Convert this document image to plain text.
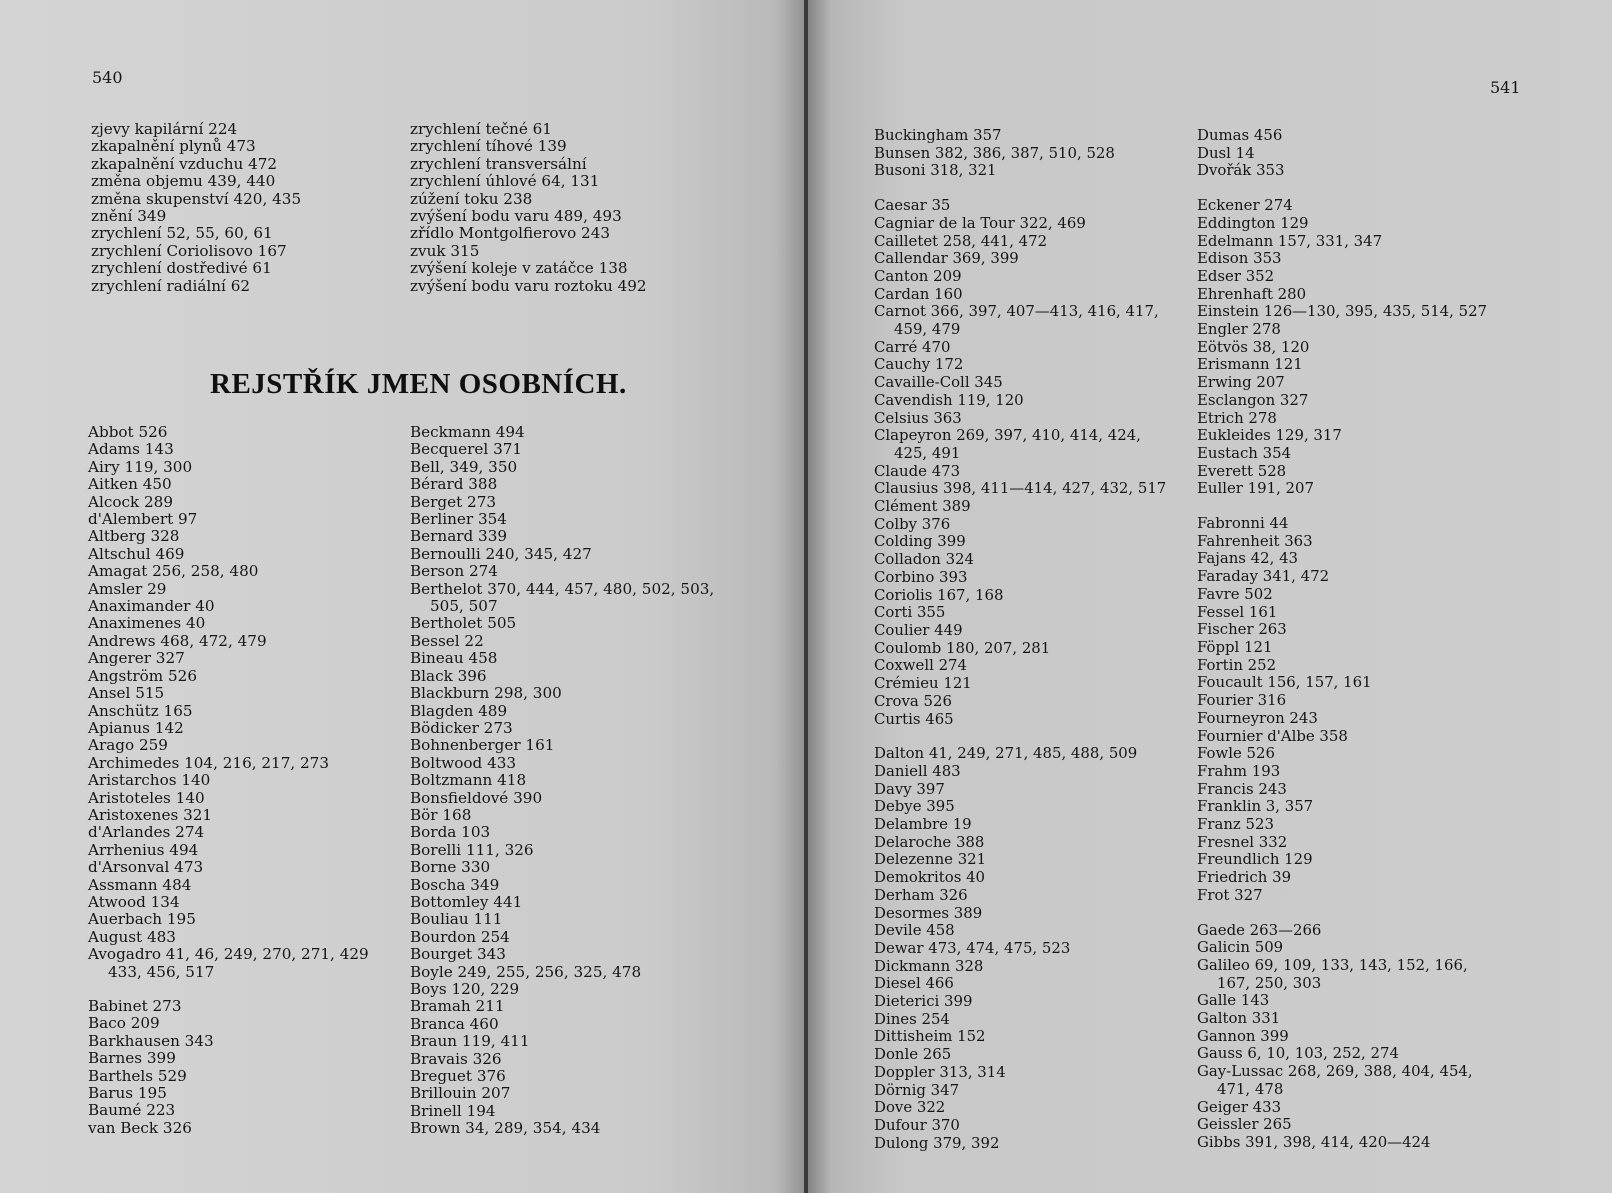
540
zjevy kapilární 224
zkapalnění plynů 473
zkapalnění vzduchu 472
změna objemu 439, 440
změna skupenství 420, 435
znění 349
zrychlení 52, 55, 60, 61
zrychlení Coriolisovo 167
zrychlení dostředivé 61
zrychlení radiální 62
zrychlení tečné 61
zrychlení tíhové 139
zrychlení transversální
zrychlení úhlové 64, 131
zúžení toku 238
zvýšení bodu varu 489, 493
zřídlo Montgolfierovo 243
zvuk 315
zvýšení koleje v zatáčce 138
zvýšení bodu varu roztoku 492
REJSTŘÍK JMEN OSOBNÍCH.
Abbot 526
Adams 143
Airy 119, 300
Aitken 450
Alcock 289
d'Alembert 97
Altberg 328
Altschul 469
Amagat 256, 258, 480
Amsler 29
Anaximander 40
Anaximenes 40
Andrews 468, 472, 479
Angerer 327
Angström 526
Ansel 515
Anschütz 165
Apianus 142
Arago 259
Archimedes 104, 216, 217, 273
Aristarchos 140
Aristoteles 140
Aristoxenes 321
d'Arlandes 274
Arrhenius 494
d'Arsonval 473
Assmann 484
Atwood 134
Auerbach 195
August 483
Avogadro 41, 46, 249, 270, 271, 429
433, 456, 517
Babinet 273
Baco 209
Barkhausen 343
Barnes 399
Barthels 529
Barus 195
Baumé 223
van Beck 326
Beckmann 494
Becquerel 371
Bell, 349, 350
Bérard 388
Berget 273
Berliner 354
Bernard 339
Bernoulli 240, 345, 427
Berson 274
Berthelot 370, 444, 457, 480, 502, 503,
505, 507
Bertholet 505
Bessel 22
Bineau 458
Black 396
Blackburn 298, 300
Blagden 489
Bödicker 273
Bohnenberger 161
Boltwood 433
Boltzmann 418
Bonsfieldové 390
Bör 168
Borda 103
Borelli 111, 326
Borne 330
Boscha 349
Bottomley 441
Bouliau 111
Bourdon 254
Bourget 343
Boyle 249, 255, 256, 325, 478
Boys 120, 229
Bramah 211
Branca 460
Braun 119, 411
Bravais 326
Breguet 376
Brillouin 207
Brinell 194
Brown 34, 289, 354, 434
541
Buckingham 357
Bunsen 382, 386, 387, 510, 528
Busoni 318, 321
Caesar 35
Cagniar de la Tour 322, 469
Cailletet 258, 441, 472
Callendar 369, 399
Canton 209
Cardan 160
Carnot 366, 397, 407—413, 416, 417,
459, 479
Carré 470
Cauchy 172
Cavaille-Coll 345
Cavendish 119, 120
Celsius 363
Clapeyron 269, 397, 410, 414, 424,
425, 491
Claude 473
Clausius 398, 411—414, 427, 432, 517
Clément 389
Colby 376
Colding 399
Colladon 324
Corbino 393
Coriolis 167, 168
Corti 355
Coulier 449
Coulomb 180, 207, 281
Coxwell 274
Crémieu 121
Crova 526
Curtis 465
Dalton 41, 249, 271, 485, 488, 509
Daniell 483
Davy 397
Debye 395
Delambre 19
Delaroche 388
Delezenne 321
Demokritos 40
Derham 326
Desormes 389
Devile 458
Dewar 473, 474, 475, 523
Dickmann 328
Diesel 466
Dieterici 399
Dines 254
Dittisheim 152
Donle 265
Doppler 313, 314
Dörnig 347
Dove 322
Dufour 370
Dulong 379, 392
Dumas 456
Dusl 14
Dvořák 353
Eckener 274
Eddington 129
Edelmann 157, 331, 347
Edison 353
Edser 352
Ehrenhaft 280
Einstein 126—130, 395, 435, 514, 527
Engler 278
Eötvös 38, 120
Erismann 121
Erwing 207
Esclangon 327
Etrich 278
Eukleides 129, 317
Eustach 354
Everett 528
Euller 191, 207
Fabronni 44
Fahrenheit 363
Fajans 42, 43
Faraday 341, 472
Favre 502
Fessel 161
Fischer 263
Föppl 121
Fortin 252
Foucault 156, 157, 161
Fourier 316
Fourneyron 243
Fournier d'Albe 358
Fowle 526
Frahm 193
Francis 243
Franklin 3, 357
Franz 523
Fresnel 332
Freundlich 129
Friedrich 39
Frot 327
Gaede 263—266
Galicin 509
Galileo 69, 109, 133, 143, 152, 166,
167, 250, 303
Galle 143
Galton 331
Gannon 399
Gauss 6, 10, 103, 252, 274
Gay-Lussac 268, 269, 388, 404, 454,
471, 478
Geiger 433
Geissler 265
Gibbs 391, 398, 414, 420—424
